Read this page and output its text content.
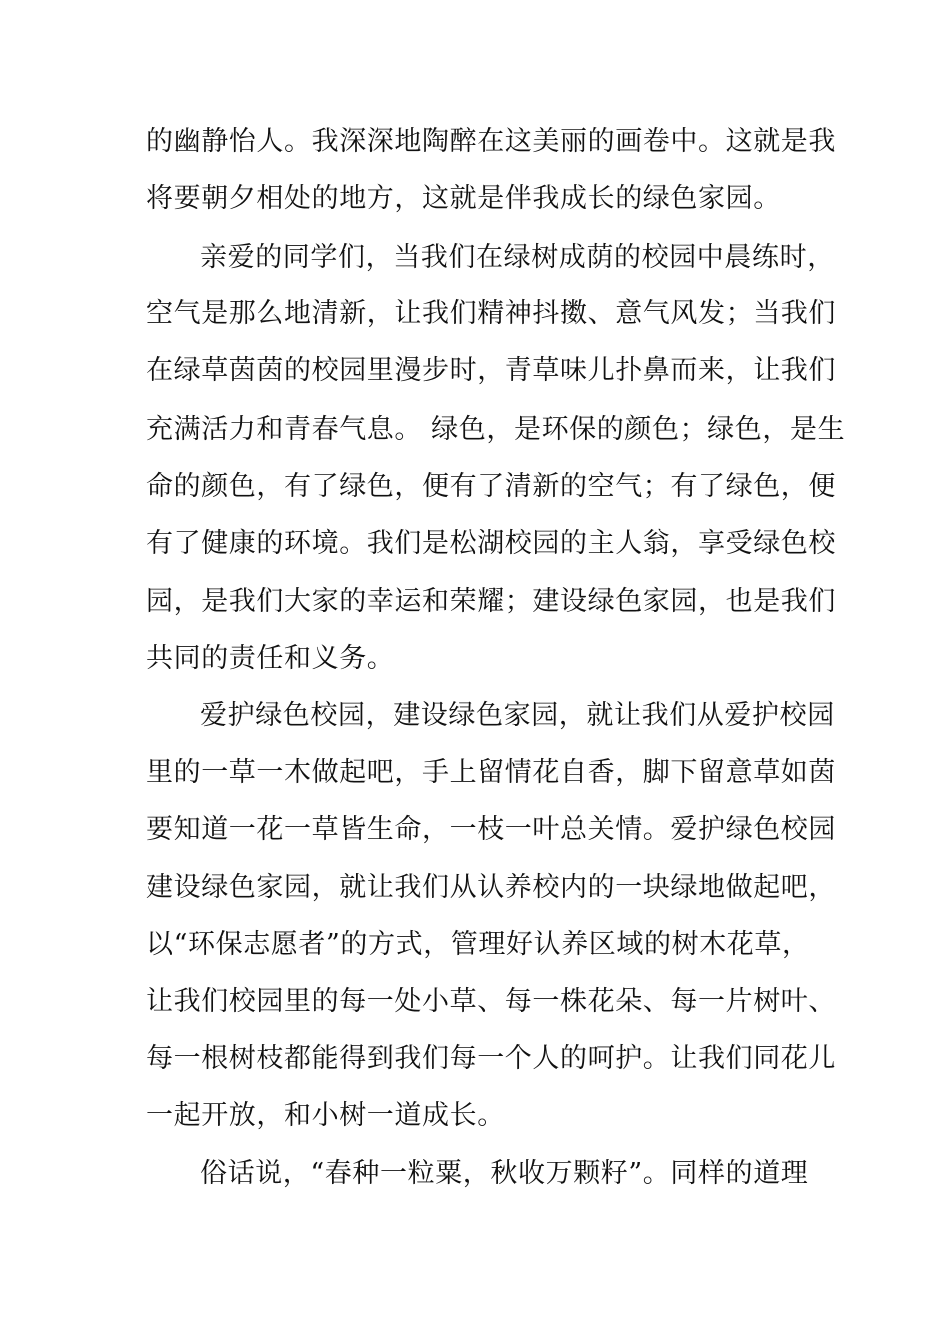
的幽静怡人。我深深地陶醉在这美丽的画卷中。这就是我
将要朝夕相处的地方，这就是伴我成长的绿色家园。
亲爱的同学们，当我们在绿树成荫的校园中晨练时，
空气是那么地清新，让我们精神抖擞、意气风发；当我们
在绿草茵茵的校园里漫步时，青草味儿扑鼻而来，让我们
充满活力和青春气息。 绿色，是环保的颜色；绿色，是生
命的颜色，有了绿色，便有了清新的空气；有了绿色，便
有了健康的环境。我们是松湖校园的主人翁，享受绿色校
园，是我们大家的幸运和荣耀；建设绿色家园，也是我们
共同的责任和义务。
爱护绿色校园，建设绿色家园，就让我们从爱护校园
里的一草一木做起吧，手上留情花自香，脚下留意草如茵
要知道一花一草皆生命，一枝一叶总关情。爱护绿色校园
建设绿色家园，就让我们从认养校内的一块绿地做起吧，
以“环保志愿者”的方式，管理好认养区域的树木花草，
让我们校园里的每一处小草、每一株花朵、每一片树叶、
每一根树枝都能得到我们每一个人的呵护。让我们同花儿
一起开放，和小树一道成长。
俗话说，“春种一粒粟，秋收万颗籽”。同样的道理
